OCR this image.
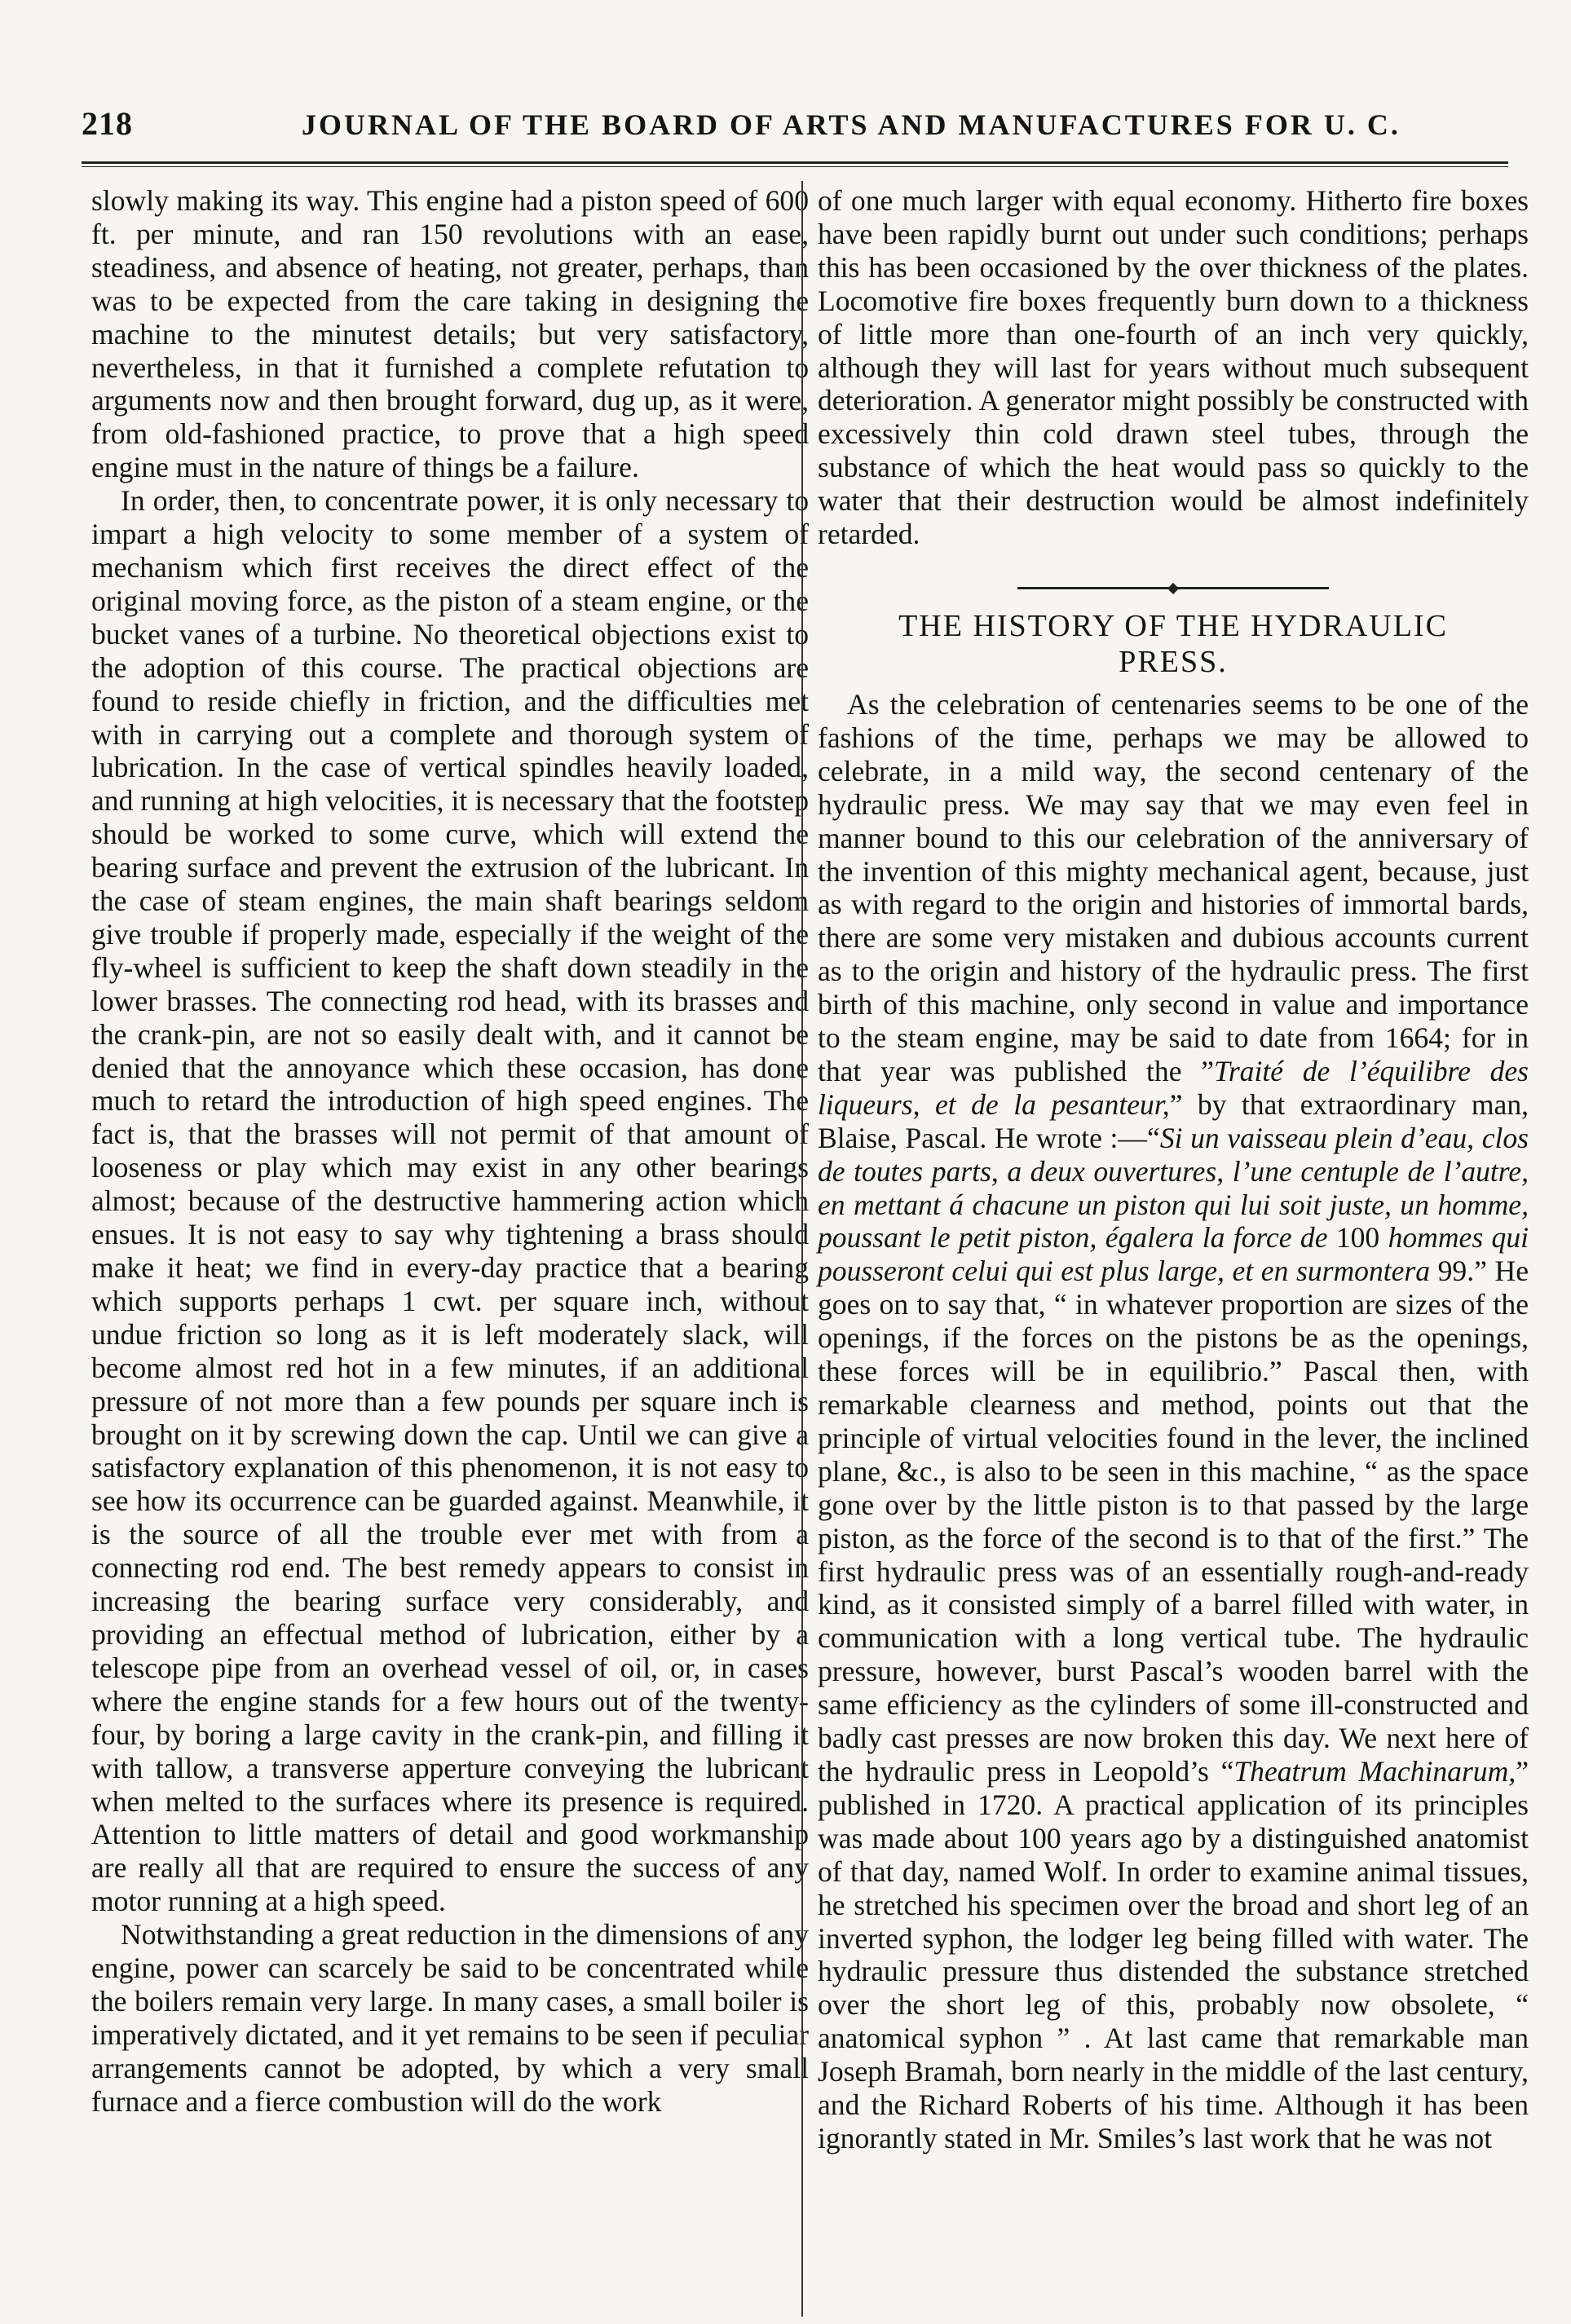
218	JOURNAL OF THE BOARD OF ARTS AND MANUFACTURES FOR U. C.

slowly making its way. This engine had a piston speed of 600 ft. per minute, and ran 150 revolutions with an ease, steadiness, and absence of heating, not greater, perhaps, than was to be expected from the care taking in designing the machine to the minutest details; but very satisfactory, nevertheless, in that it furnished a complete refutation to arguments now and then brought forward, dug up, as it were, from old-fashioned practice, to prove that a high speed engine must in the nature of things be a failure.

In order, then, to concentrate power, it is only necessary to impart a high velocity to some member of a system of mechanism which first receives the direct effect of the original moving force, as the piston of a steam engine, or the bucket vanes of a turbine. No theoretical objections exist to the adoption of this course. The practical objections are found to reside chiefly in friction, and the difficulties met with in carrying out a complete and thorough system of lubrication. In the case of vertical spindles heavily loaded, and running at high velocities, it is necessary that the footstep should be worked to some curve, which will extend the bearing surface and prevent the extrusion of the lubricant. In the case of steam engines, the main shaft bearings seldom give trouble if properly made, especially if the weight of the fly-wheel is sufficient to keep the shaft down steadily in the lower brasses. The connecting rod head, with its brasses and the crank-pin, are not so easily dealt with, and it cannot be denied that the annoyance which these occasion, has done much to retard the introduction of high speed engines. The fact is, that the brasses will not permit of that amount of looseness or play which may exist in any other bearings almost; because of the destructive hammering action which ensues. It is not easy to say why tightening a brass should make it heat; we find in every-day practice that a bearing which supports perhaps 1 cwt. per square inch, without undue friction so long as it is left moderately slack, will become almost red hot in a few minutes, if an additional pressure of not more than a few pounds per square inch is brought on it by screwing down the cap. Until we can give a satisfactory explanation of this phenomenon, it is not easy to see how its occurrence can be guarded against. Meanwhile, it is the source of all the trouble ever met with from a connecting rod end. The best remedy appears to consist in increasing the bearing surface very considerably, and providing an effectual method of lubrication, either by a telescope pipe from an overhead vessel of oil, or, in cases where the engine stands for a few hours out of the twenty-four, by boring a large cavity in the crank-pin, and filling it with tallow, a transverse apperture conveying the lubricant when melted to the surfaces where its presence is required. Attention to little matters of detail and good workmanship are really all that are required to ensure the success of any motor running at a high speed.

Notwithstanding a great reduction in the dimensions of any engine, power can scarcely be said to be concentrated while the boilers remain very large. In many cases, a small boiler is imperatively dictated, and it yet remains to be seen if peculiar arrangements cannot be adopted, by which a very small furnace and a fierce combustion will do the work

of one much larger with equal economy. Hitherto fire boxes have been rapidly burnt out under such conditions; perhaps this has been occasioned by the over thickness of the plates. Locomotive fire boxes frequently burn down to a thickness of little more than one-fourth of an inch very quickly, although they will last for years without much subsequent deterioration. A generator might possibly be constructed with excessively thin cold drawn steel tubes, through the substance of which the heat would pass so quickly to the water that their destruction would be almost indefinitely retarded.

THE HISTORY OF THE HYDRAULIC
PRESS.

As the celebration of centenaries seems to be one of the fashions of the time, perhaps we may be allowed to celebrate, in a mild way, the second centenary of the hydraulic press. We may say that we may even feel in manner bound to this our celebration of the anniversary of the invention of this mighty mechanical agent, because, just as with regard to the origin and histories of immortal bards, there are some very mistaken and dubious accounts current as to the origin and history of the hydraulic press. The first birth of this machine, only second in value and importance to the steam engine, may be said to date from 1664; for in that year was published the ”Traité de l’équilibre des liqueurs, et de la pesanteur,” by that extraordinary man, Blaise, Pascal. He wrote :—“Si un vaisseau plein d’eau, clos de toutes parts, a deux ouvertures, l’une centuple de l’autre, en mettant á chacune un piston qui lui soit juste, un homme, poussant le petit piston, égalera la force de 100 hommes qui pousseront celui qui est plus large, et en surmontera 99.” He goes on to say that, “ in whatever proportion are sizes of the openings, if the forces on the pistons be as the openings, these forces will be in equilibrio.” Pascal then, with remarkable clearness and method, points out that the principle of virtual velocities found in the lever, the inclined plane, &c., is also to be seen in this machine, “ as the space gone over by the little piston is to that passed by the large piston, as the force of the second is to that of the first.” The first hydraulic press was of an essentially rough-and-ready kind, as it consisted simply of a barrel filled with water, in communication with a long vertical tube. The hydraulic pressure, however, burst Pascal’s wooden barrel with the same efficiency as the cylinders of some ill-constructed and badly cast presses are now broken this day. We next here of the hydraulic press in Leopold’s “Theatrum Machinarum,” published in 1720. A practical application of its principles was made about 100 years ago by a distinguished anatomist of that day, named Wolf. In order to examine animal tissues, he stretched his specimen over the broad and short leg of an inverted syphon, the lodger leg being filled with water. The hydraulic pressure thus distended the substance stretched over the short leg of this, probably now obsolete, “ anatomical syphon ” . At last came that remarkable man Joseph Bramah, born nearly in the middle of the last century, and the Richard Roberts of his time. Although it has been ignorantly stated in Mr. Smiles’s last work that he was not
